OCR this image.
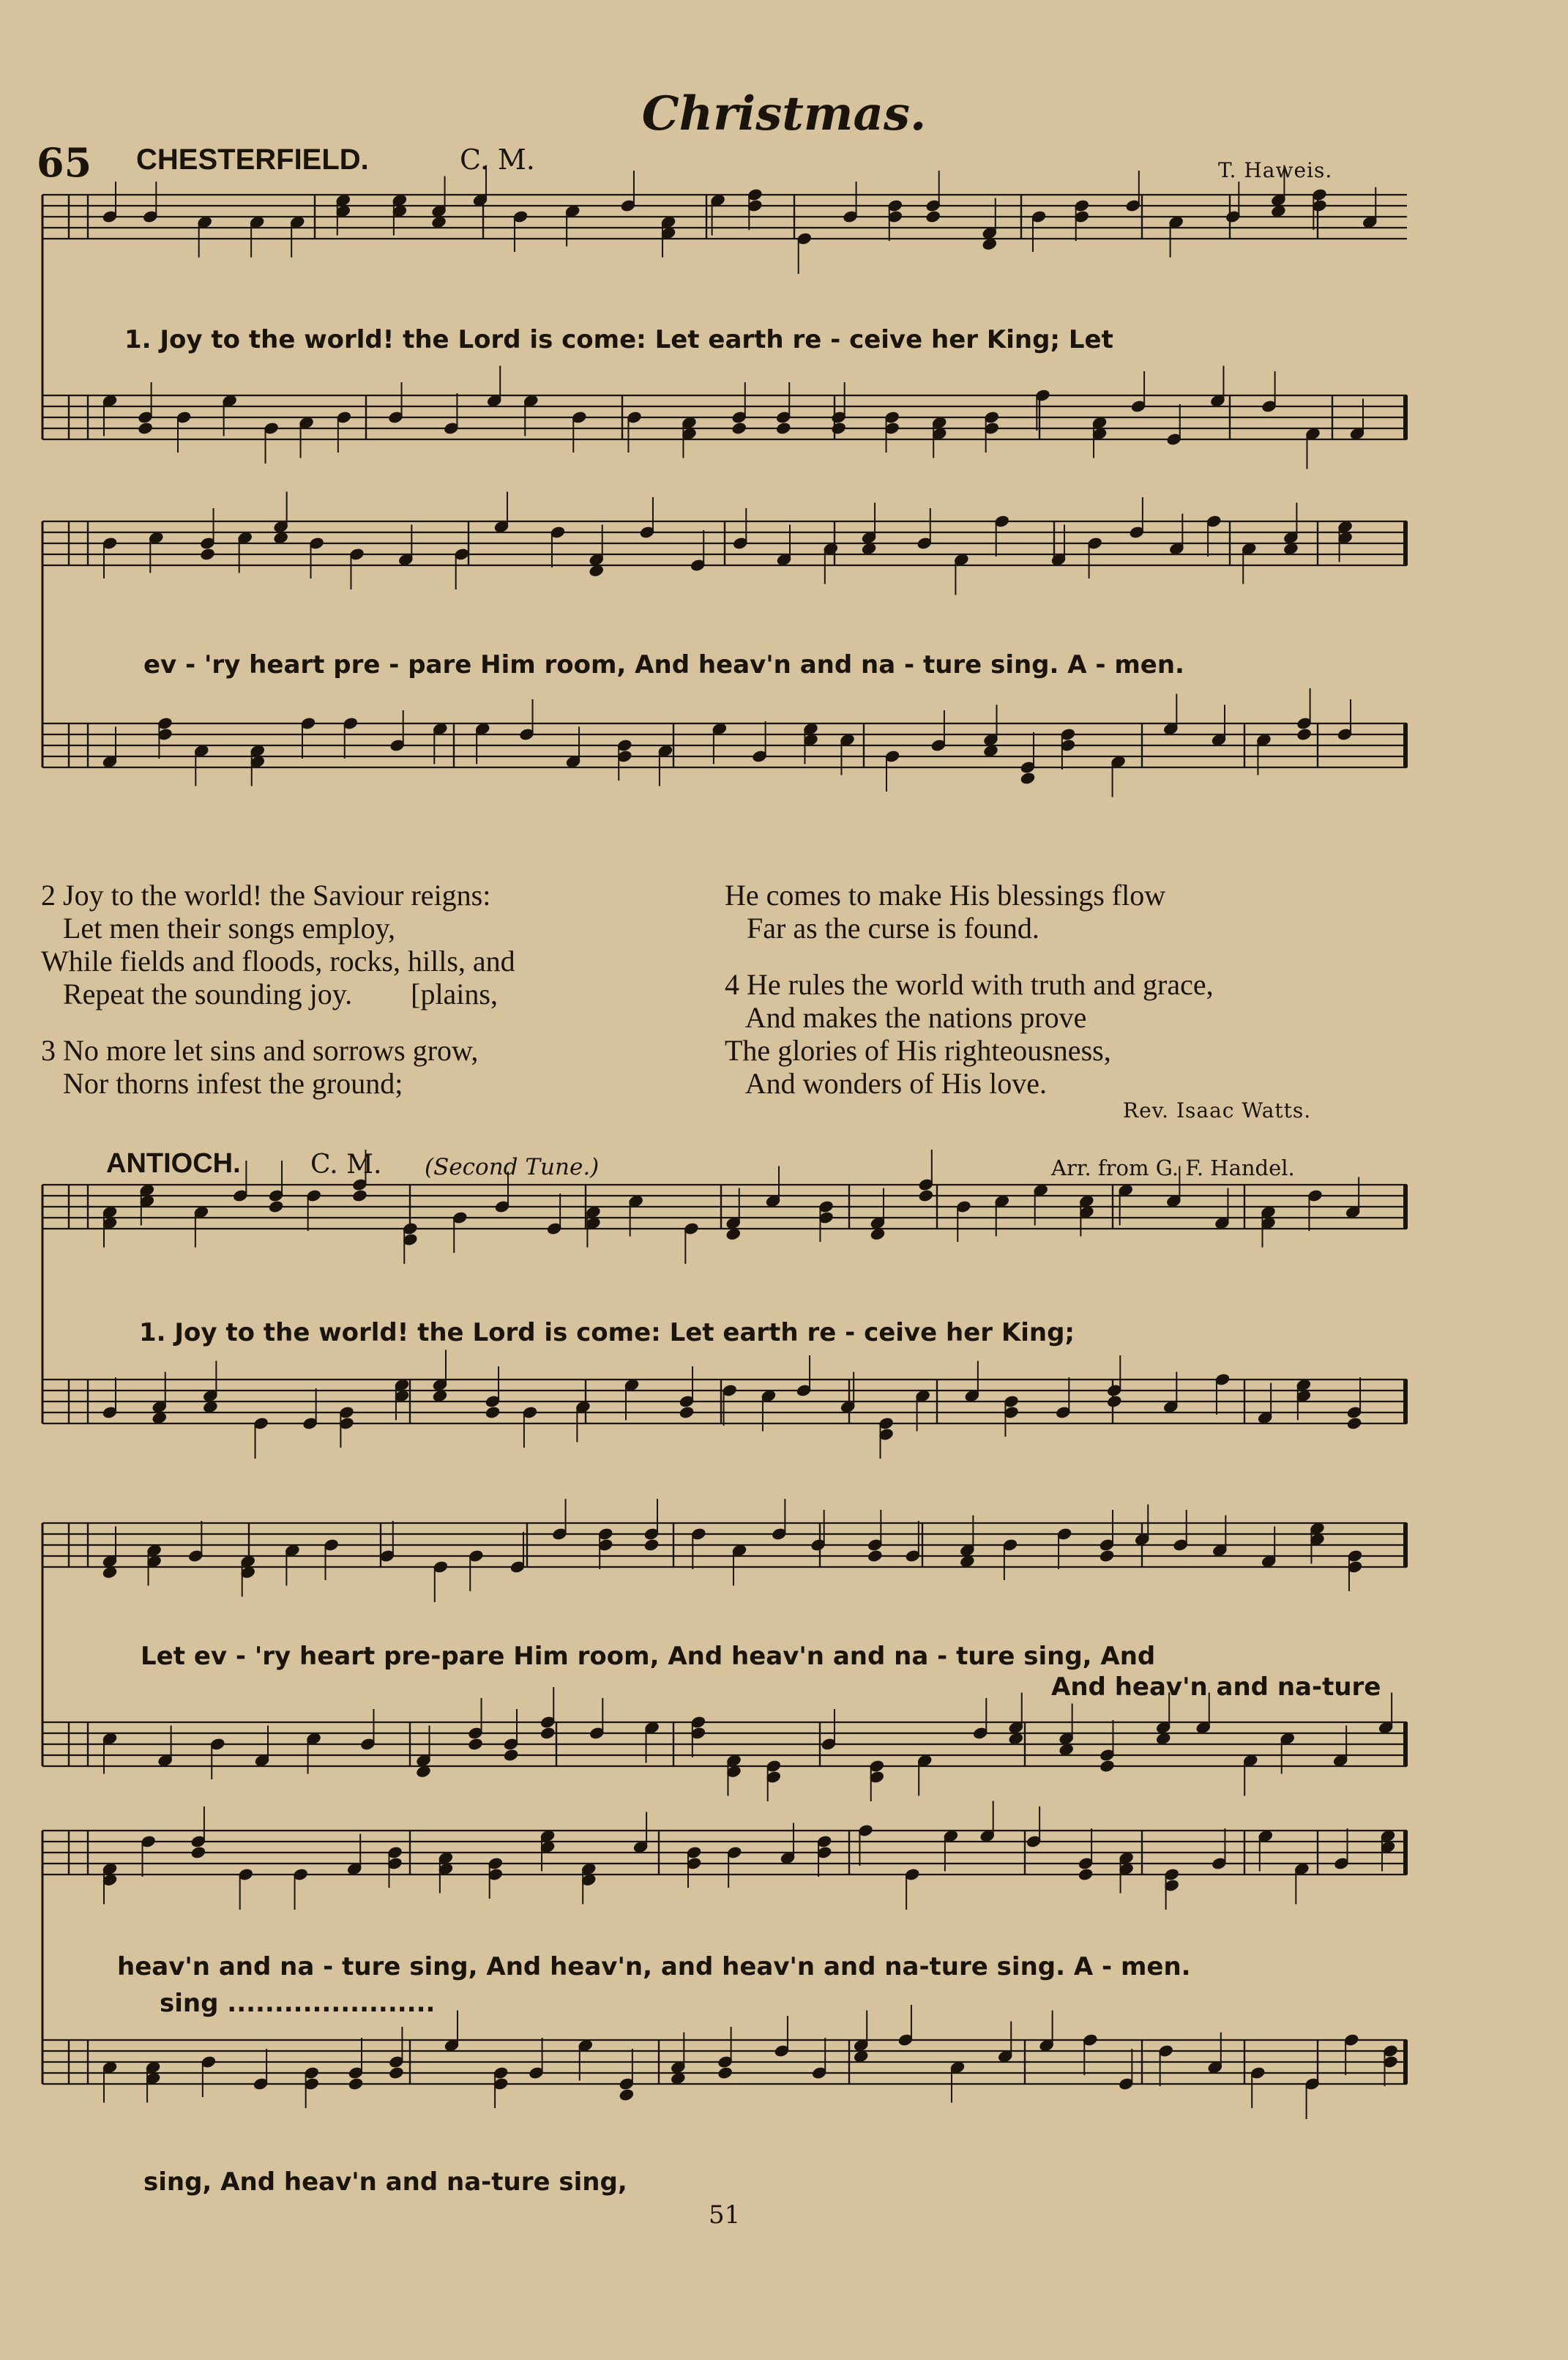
Christmas.
65 CHESTERFIELD.	C. M.	T. Haweis.
1. Joy to the world! the Lord is come: Let earth re - ceive her King; Let
ev - 'ry heart pre - pare Him room, And heav'n and na - ture sing. A - men.
2 Joy to the world! the Saviour reigns:
Let men their songs employ,
While fields and floods, rocks, hills, and
Repeat the sounding joy.        [plains,
3 No more let sins and sorrows grow,
Nor thorns infest the ground;
He comes to make His blessings flow
Far as the curse is found.
4 He rules the world with truth and grace,
And makes the nations prove
The glories of His righteousness,
And wonders of His love.
Rev. Isaac Watts.
ANTIOCH.	C. M. (Second Tune.)	Arr. from G. F. Handel.
1. Joy to the world! the Lord is come: Let earth re - ceive her King;
Let ev - 'ry heart pre-pare Him room, And heav'n and na - ture sing, And
And heav'n and na-ture
heav'n and na - ture sing, And heav'n, and heav'n and na-ture sing. A - men.
sing ......................
sing, And heav'n and na-ture sing,
51
